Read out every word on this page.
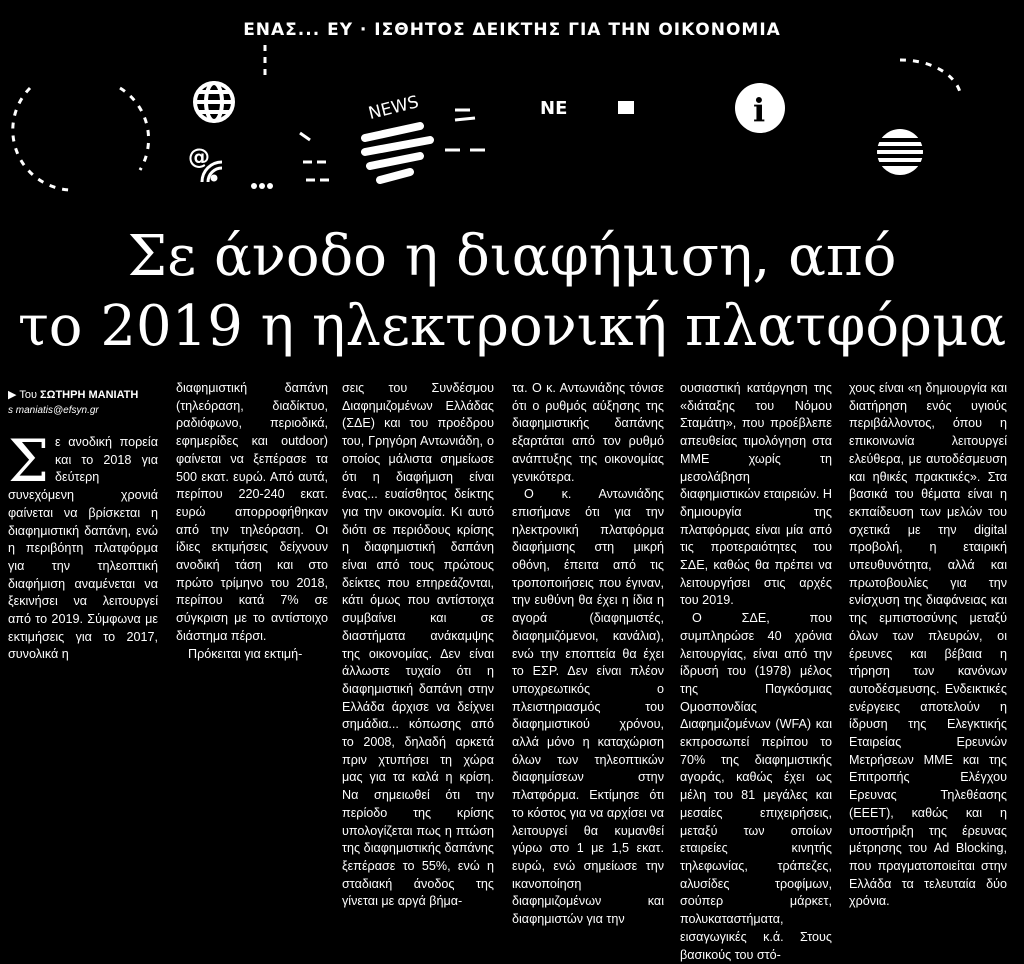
ΕΝΑΣ... ΕΥ · ΙΣΘΗΤΟΣ ΔΕΙΚΤΗΣ ΓΙΑ ΤΗΝ ΟΙΚΟΝΟΜΙΑ
@
NEWS	ΝΕ	i
Σε άνοδο η διαφήμιση, από
το 2019 η ηλεκτρονική πλατφόρμα
▶ Του ΣΩΤΗΡΗ ΜΑΝΙΑΤΗ
s maniatis@efsyn.gr

Σε ανοδική πορεία και το 2018 για δεύτερη συνεχόμενη χρονιά φαίνεται να βρίσκεται η διαφημιστική δαπάνη, ενώ η περιβόητη πλατφόρμα για την τηλεοπτική διαφήμιση αναμένεται να ξεκινήσει να λειτουργεί από το 2019. Σύμφωνα με εκτιμήσεις για το 2017, συνολικά η

διαφημιστική δαπάνη (τηλεόραση, διαδίκτυο, ραδιόφωνο, περιοδικά, εφημερίδες και outdoor) φαίνεται να ξεπέρασε τα 500 εκατ. ευρώ. Από αυτά, περίπου 220-240 εκατ. ευρώ απορροφήθηκαν από την τηλεόραση. Οι ίδιες εκτιμήσεις δείχνουν ανοδική τάση και στο πρώτο τρίμηνο του 2018, περίπου κατά 7% σε σύγκριση με το αντίστοιχο διάστημα πέρσι.

Πρόκειται για εκτιμή-

σεις του Συνδέσμου Διαφημιζομένων Ελλάδας (ΣΔΕ) και του προέδρου του, Γρηγόρη Αντωνιάδη, ο οποίος μάλιστα σημείωσε ότι η διαφήμιση είναι ένας... ευαίσθητος δείκτης για την οικονομία. Κι αυτό διότι σε περιόδους κρίσης η διαφημιστική δαπάνη είναι από τους πρώτους δείκτες που επηρεάζονται, κάτι όμως που αντίστοιχα συμβαίνει και σε διαστήματα ανάκαμψης της οικονομίας. Δεν είναι άλλωστε τυχαίο ότι η διαφημιστική δαπάνη στην Ελλάδα άρχισε να δείχνει σημάδια... κόπωσης από το 2008, δηλαδή αρκετά πριν χτυπήσει τη χώρα μας για τα καλά η κρίση. Να σημειωθεί ότι την περίοδο της κρίσης υπολογίζεται πως η πτώση της διαφημιστικής δαπάνης ξεπέρασε το 55%, ενώ η σταδιακή άνοδος της γίνεται με αργά βήμα-

τα. Ο κ. Αντωνιάδης τόνισε ότι ο ρυθμός αύξησης της διαφημιστικής δαπάνης εξαρτάται από τον ρυθμό ανάπτυξης της οικονομίας γενικότερα.

Ο κ. Αντωνιάδης επισήμανε ότι για την ηλεκτρονική πλατφόρμα διαφήμισης στη μικρή οθόνη, έπειτα από τις τροποποιήσεις που έγιναν, την ευθύνη θα έχει η ίδια η αγορά (διαφημιστές, διαφημιζόμενοι, κανάλια), ενώ την εποπτεία θα έχει το ΕΣΡ. Δεν είναι πλέον υποχρεωτικός ο πλειστηριασμός του διαφημιστικού χρόνου, αλλά μόνο η καταχώριση όλων των τηλεοπτικών διαφημίσεων στην πλατφόρμα. Εκτίμησε ότι το κόστος για να αρχίσει να λειτουργεί θα κυμανθεί γύρω στο 1 με 1,5 εκατ. ευρώ, ενώ σημείωσε την ικανοποίηση διαφημιζομένων και διαφημιστών για την

ουσιαστική κατάργηση της «διάταξης του Νόμου Σταμάτη», που προέβλεπε απευθείας τιμολόγηση στα ΜΜΕ χωρίς τη μεσολάβηση διαφημιστικών εταιρειών. Η δημιουργία της πλατφόρμας είναι μία από τις προτεραιότητες του ΣΔΕ, καθώς θα πρέπει να λειτουργήσει στις αρχές του 2019.

Ο ΣΔΕ, που συμπληρώσε 40 χρόνια λειτουργίας, είναι από την ίδρυσή του (1978) μέλος της Παγκόσμιας Ομοσπονδίας Διαφημιζομένων (WFA) και εκπροσωπεί περίπου το 70% της διαφημιστικής αγοράς, καθώς έχει ως μέλη του 81 μεγάλες και μεσαίες επιχειρήσεις, μεταξύ των οποίων εταιρείες κινητής τηλεφωνίας, τράπεζες, αλυσίδες τροφίμων, σούπερ μάρκετ, πολυκαταστήματα, εισαγωγικές κ.ά. Στους βασικούς του στό-

χους είναι «η δημιουργία και διατήρηση ενός υγιούς περιβάλλοντος, όπου η επικοινωνία λειτουργεί ελεύθερα, με αυτοδέσμευση και ηθικές πρακτικές». Στα βασικά του θέματα είναι η εκπαίδευση των μελών του σχετικά με την digital προβολή, η εταιρική υπευθυνότητα, αλλά και πρωτοβουλίες για την ενίσχυση της διαφάνειας και της εμπιστοσύνης μεταξύ όλων των πλευρών, οι έρευνες και βέβαια η τήρηση των κανόνων αυτοδέσμευσης. Ενδεικτικές ενέργειες αποτελούν η ίδρυση της Ελεγκτικής Εταιρείας Ερευνών Μετρήσεων ΜΜΕ και της Επιτροπής Ελέγχου Ερευνας Τηλεθέασης (ΕΕΕΤ), καθώς και η υποστήριξη της έρευνας μέτρησης του Ad Blocking, που πραγματοποιείται στην Ελλάδα τα τελευταία δύο χρόνια.
